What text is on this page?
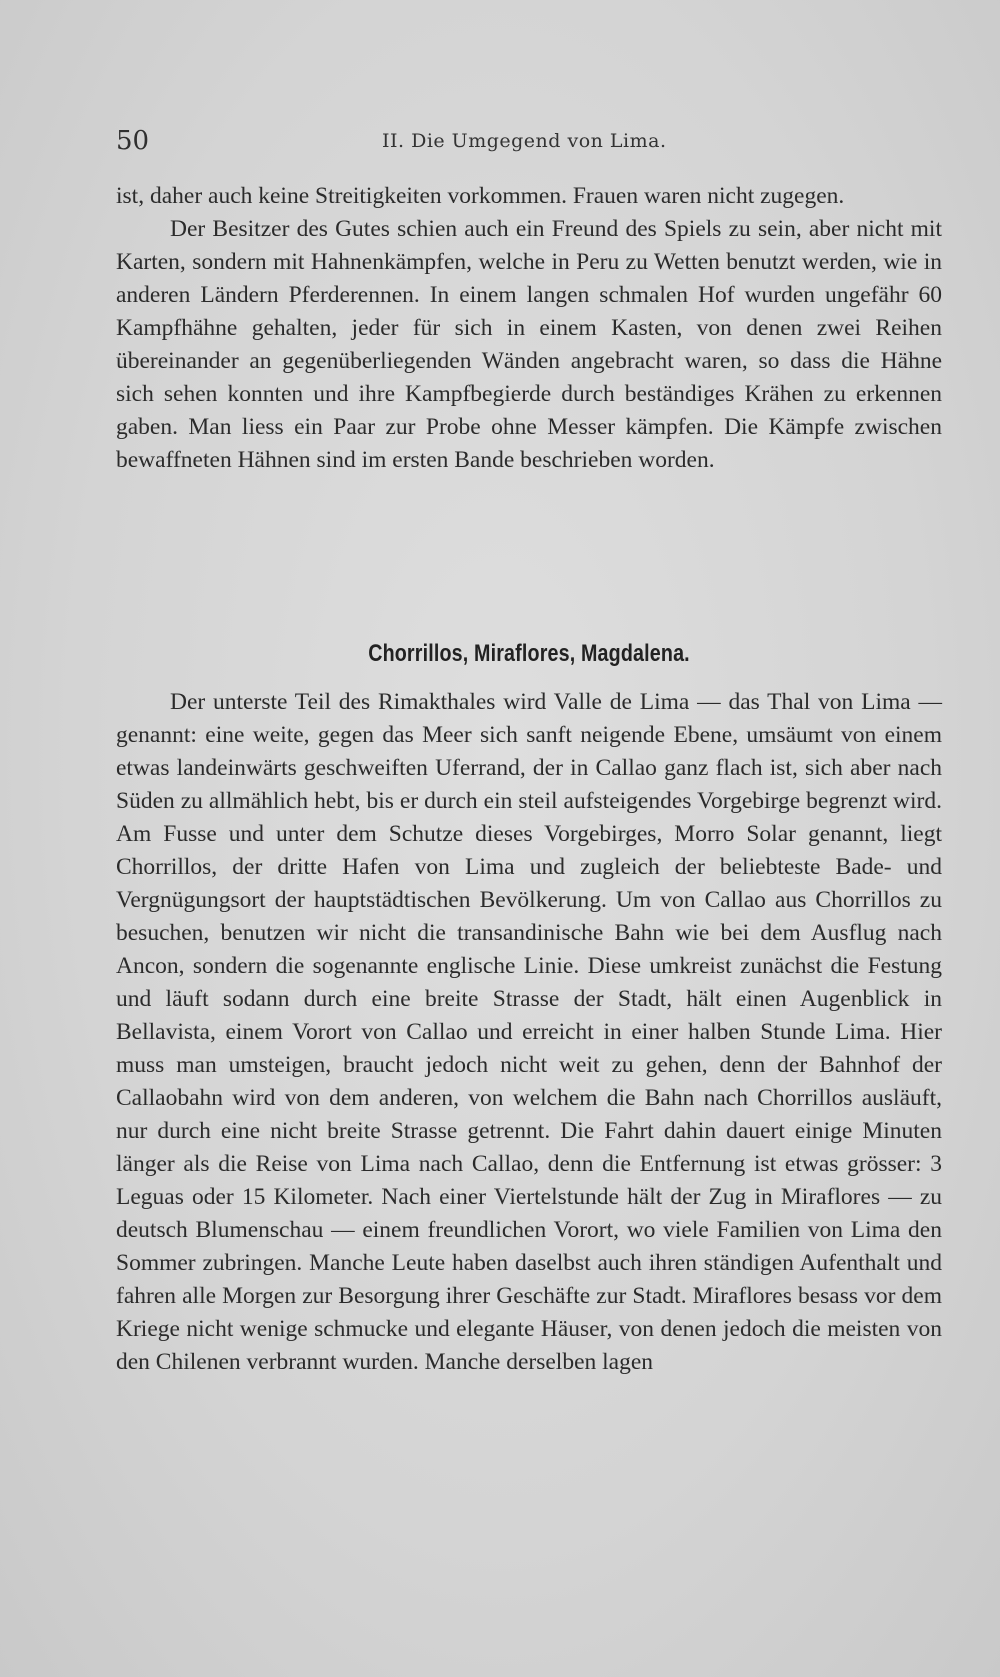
50	II. Die Umgegend von Lima.

ist, daher auch keine Streitigkeiten vorkommen. Frauen waren nicht zugegen.

Der Besitzer des Gutes schien auch ein Freund des Spiels zu sein, aber nicht mit Karten, sondern mit Hahnenkämpfen, welche in Peru zu Wetten benutzt werden, wie in anderen Ländern Pferderennen. In einem langen schmalen Hof wurden ungefähr 60 Kampfhähne gehalten, jeder für sich in einem Kasten, von denen zwei Reihen übereinander an gegenüberliegenden Wänden angebracht waren, so dass die Hähne sich sehen konnten und ihre Kampfbegierde durch beständiges Krähen zu erkennen gaben. Man liess ein Paar zur Probe ohne Messer kämpfen. Die Kämpfe zwischen bewaffneten Hähnen sind im ersten Bande beschrieben worden.

Chorrillos, Miraflores, Magdalena.

Der unterste Teil des Rimakthales wird Valle de Lima — das Thal von Lima — genannt: eine weite, gegen das Meer sich sanft neigende Ebene, umsäumt von einem etwas landeinwärts geschweiften Uferrand, der in Callao ganz flach ist, sich aber nach Süden zu allmählich hebt, bis er durch ein steil aufsteigendes Vorgebirge begrenzt wird. Am Fusse und unter dem Schutze dieses Vorgebirges, Morro Solar genannt, liegt Chorrillos, der dritte Hafen von Lima und zugleich der beliebteste Bade- und Vergnügungsort der hauptstädtischen Bevölkerung. Um von Callao aus Chorrillos zu besuchen, benutzen wir nicht die transandinische Bahn wie bei dem Ausflug nach Ancon, sondern die sogenannte englische Linie. Diese umkreist zunächst die Festung und läuft sodann durch eine breite Strasse der Stadt, hält einen Augenblick in Bellavista, einem Vorort von Callao und erreicht in einer halben Stunde Lima. Hier muss man umsteigen, braucht jedoch nicht weit zu gehen, denn der Bahnhof der Callaobahn wird von dem anderen, von welchem die Bahn nach Chorrillos ausläuft, nur durch eine nicht breite Strasse getrennt. Die Fahrt dahin dauert einige Minuten länger als die Reise von Lima nach Callao, denn die Entfernung ist etwas grösser: 3 Leguas oder 15 Kilometer. Nach einer Viertelstunde hält der Zug in Miraflores — zu deutsch Blumenschau — einem freundlichen Vorort, wo viele Familien von Lima den Sommer zubringen. Manche Leute haben daselbst auch ihren ständigen Aufenthalt und fahren alle Morgen zur Besorgung ihrer Geschäfte zur Stadt. Miraflores besass vor dem Kriege nicht wenige schmucke und elegante Häuser, von denen jedoch die meisten von den Chilenen verbrannt wurden. Manche derselben lagen
